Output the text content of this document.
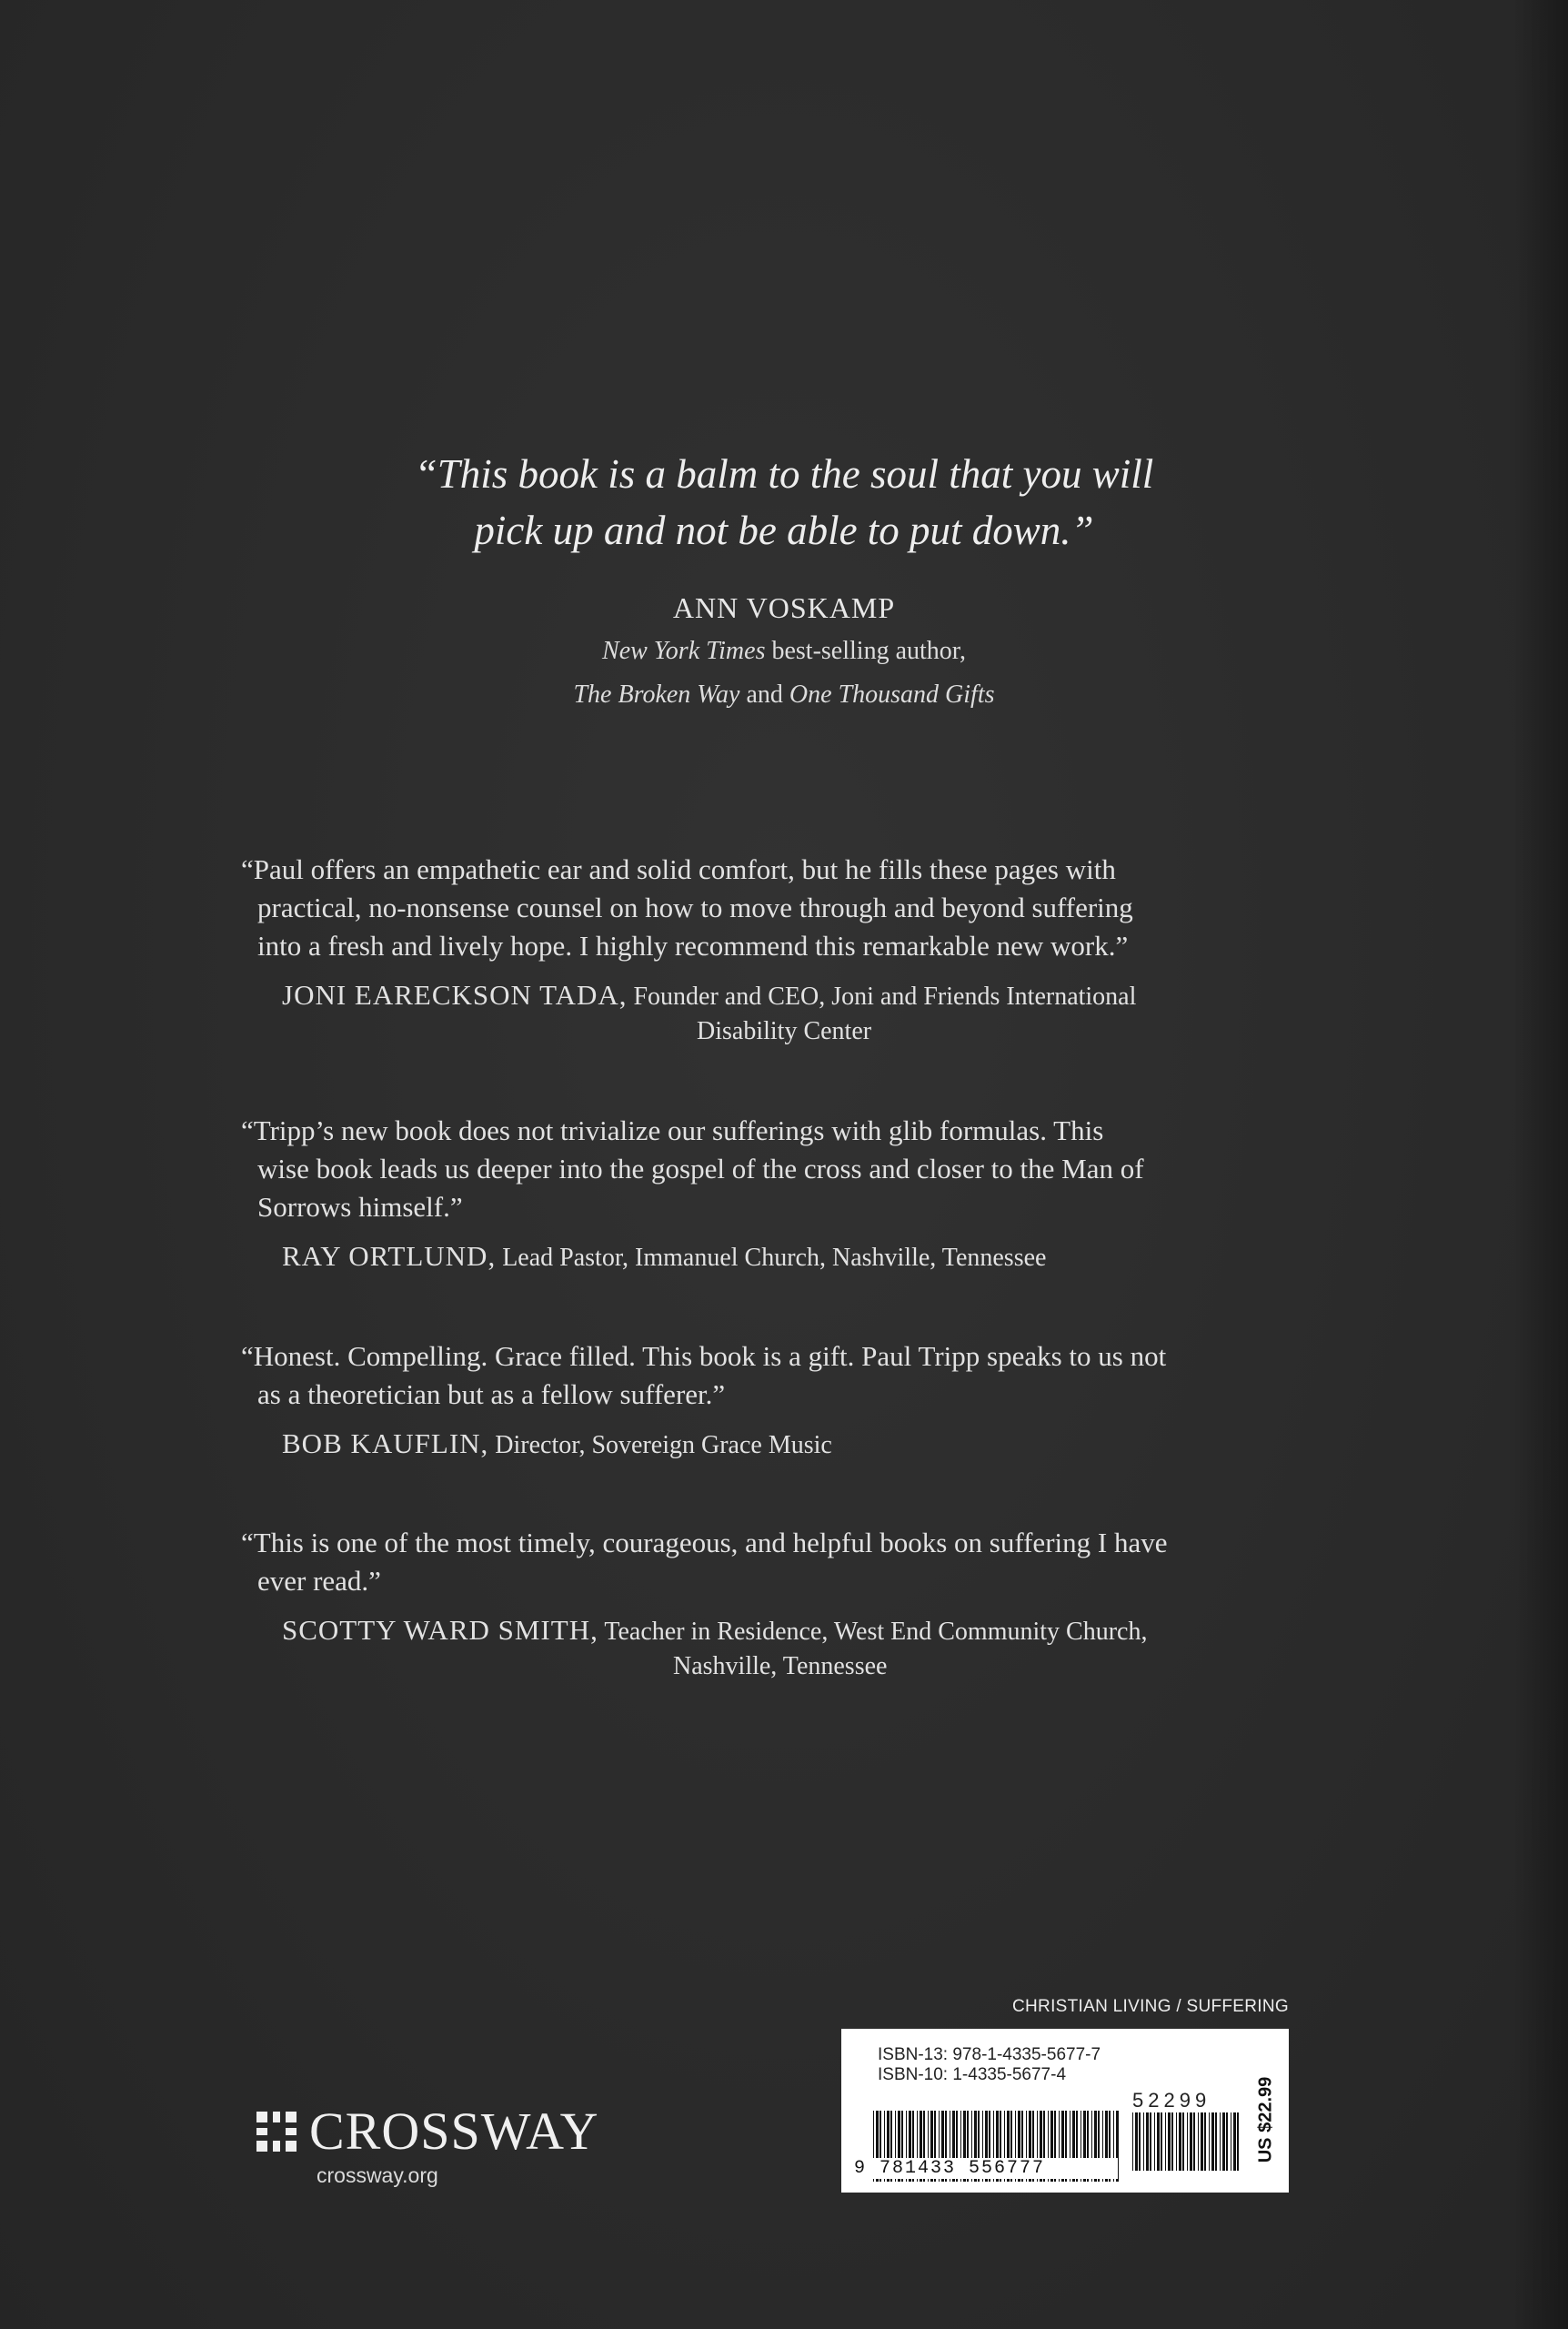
“This book is a balm to the soul that you will
pick up and not be able to put down.”
ANN VOSKAMP
New York Times best-selling author,
The Broken Way and One Thousand Gifts
“Paul offers an empathetic ear and solid comfort, but he fills these pages with
practical, no-nonsense counsel on how to move through and beyond suffering
into a fresh and lively hope. I highly recommend this remarkable new work.”
JONI EARECKSON TADA, Founder and CEO, Joni and Friends International
Disability Center
“Tripp’s new book does not trivialize our sufferings with glib formulas. This
wise book leads us deeper into the gospel of the cross and closer to the Man of
Sorrows himself.”
RAY ORTLUND, Lead Pastor, Immanuel Church, Nashville, Tennessee
“Honest. Compelling. Grace filled. This book is a gift. Paul Tripp speaks to us not
as a theoretician but as a fellow sufferer.”
BOB KAUFLIN, Director, Sovereign Grace Music
“This is one of the most timely, courageous, and helpful books on suffering I have
ever read.”
SCOTTY WARD SMITH, Teacher in Residence, West End Community Church,
Nashville, Tennessee
CHRISTIAN LIVING / SUFFERING
ISBN-13: 978-1-4335-5677-7
ISBN-10: 1-4335-5677-4
52299 US $22.99
9 781433 556777
CROSSWAY
crossway.org
